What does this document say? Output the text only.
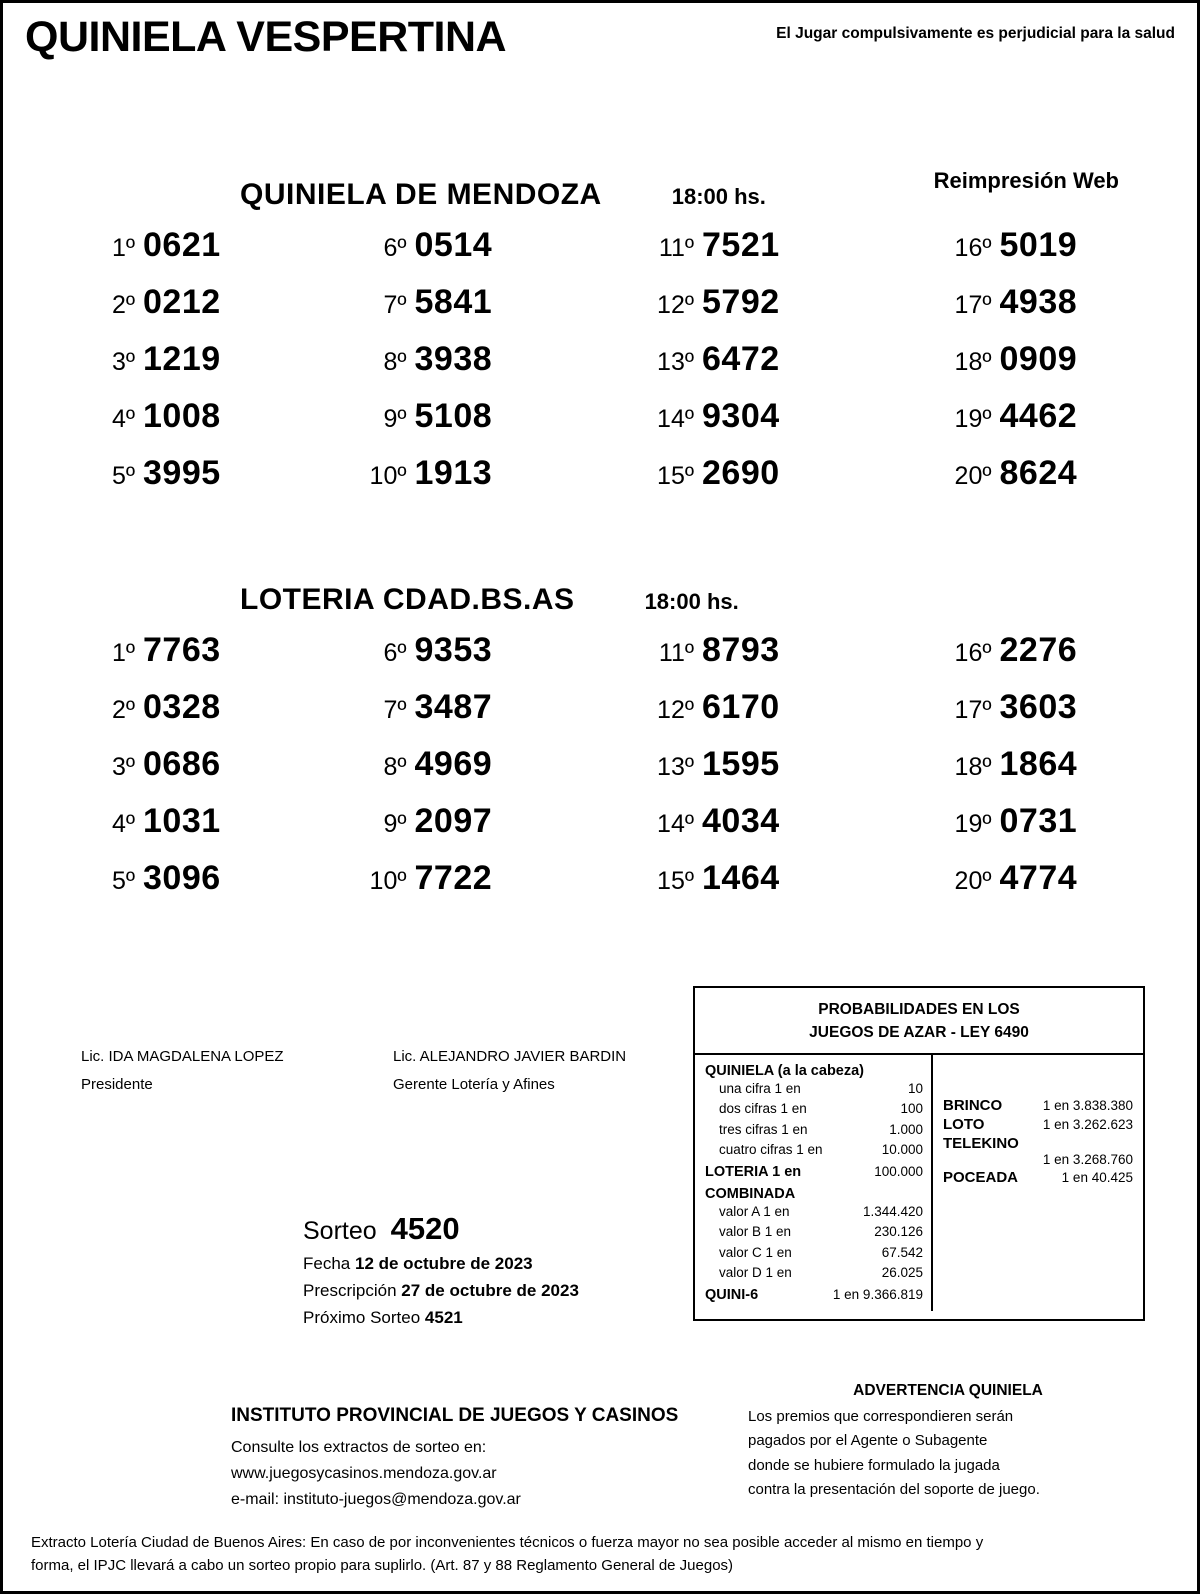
QUINIELA VESPERTINA	El Jugar compulsivamente es perjudicial para la salud
Reimpresión Web
QUINIELA DE MENDOZA	18:00 hs.
1º 0621	6º 0514	11º 7521	16º 5019
2º 0212	7º 5841	12º 5792	17º 4938
3º 1219	8º 3938	13º 6472	18º 0909
4º 1008	9º 5108	14º 9304	19º 4462
5º 3995	10º 1913	15º 2690	20º 8624
LOTERIA CDAD.BS.AS	18:00 hs.
1º 7763	6º 9353	11º 8793	16º 2276
2º 0328	7º 3487	12º 6170	17º 3603
3º 0686	8º 4969	13º 1595	18º 1864
4º 1031	9º 2097	14º 4034	19º 0731
5º 3096	10º 7722	15º 1464	20º 4774
Lic. IDA MAGDALENA LOPEZ	Lic. ALEJANDRO JAVIER BARDIN
Presidente	Gerente Lotería y Afines
Sorteo 4520
Fecha 12 de octubre de 2023
Prescripción 27 de octubre de 2023
Próximo Sorteo 4521
PROBABILIDADES EN LOS
JUEGOS DE AZAR - LEY 6490
QUINIELA (a la cabeza)
una cifra 1 en	10
dos cifras 1 en	100
tres cifras 1 en	1.000
cuatro cifras 1 en	10.000
LOTERIA 1 en	100.000
COMBINADA
valor A 1 en	1.344.420
valor B 1 en	230.126
valor C 1 en	67.542
valor D 1 en	26.025
QUINI-6	1 en 9.366.819
BRINCO	1 en 3.838.380
LOTO	1 en 3.262.623
TELEKINO
1 en 3.268.760
POCEADA	1 en 40.425
ADVERTENCIA QUINIELA
Los premios que correspondieren serán
pagados por el Agente o Subagente
donde se hubiere formulado la jugada
contra la presentación del soporte de juego.
INSTITUTO PROVINCIAL DE JUEGOS Y CASINOS
Consulte los extractos de sorteo en:
www.juegosycasinos.mendoza.gov.ar
e-mail: instituto-juegos@mendoza.gov.ar
Extracto Lotería Ciudad de Buenos Aires: En caso de por inconvenientes técnicos o fuerza mayor no sea posible acceder al mismo en tiempo y
forma, el IPJC llevará a cabo un sorteo propio para suplirlo. (Art. 87 y 88 Reglamento General de Juegos)
